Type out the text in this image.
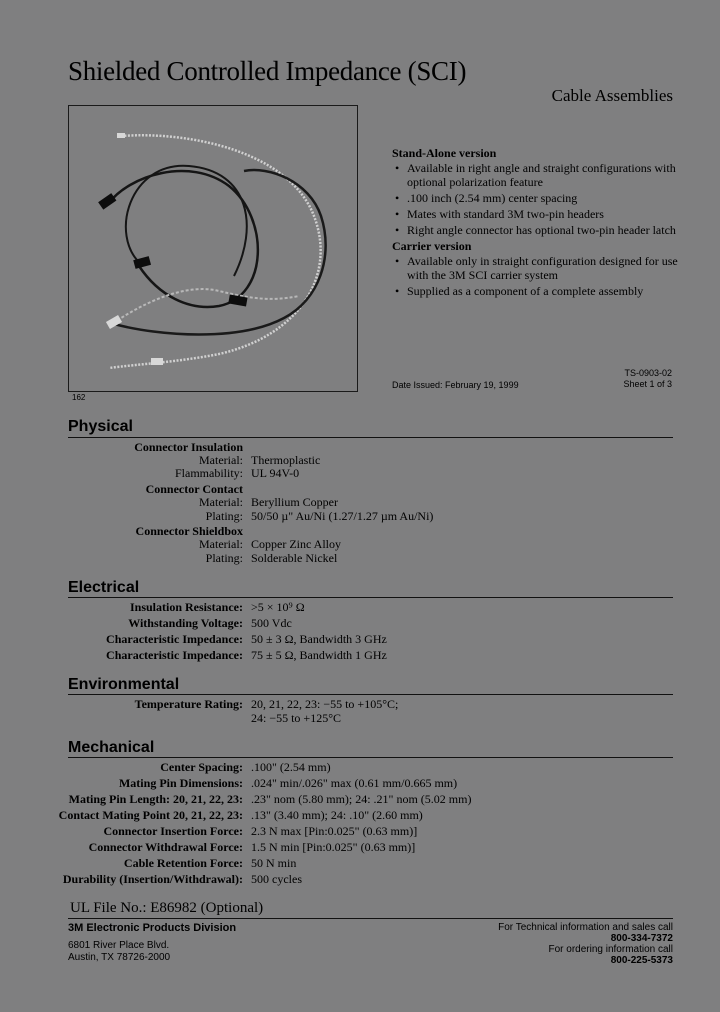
Shielded Controlled Impedance (SCI)
Cable Assemblies
162
Stand-Alone version
• Available in right angle and straight configurations with optional polarization feature
• .100 inch (2.54 mm) center spacing
• Mates with standard 3M two-pin headers
• Right angle connector has optional two-pin header latch
Carrier version
• Available only in straight configuration designed for use with the 3M SCI carrier system
• Supplied as a component of a complete assembly
TS-0903-02
Sheet 1 of 3
Date Issued: February 19, 1999
Physical
Connector Insulation
Material: Thermoplastic
Flammability: UL 94V-0
Connector Contact
Material: Beryllium Copper
Plating: 50/50 µ" Au/Ni (1.27/1.27 µm Au/Ni)
Connector Shieldbox
Material: Copper Zinc Alloy
Plating: Solderable Nickel
Electrical
Insulation Resistance: >5 × 10⁹ Ω
Withstanding Voltage: 500 Vdc
Characteristic Impedance: 50 ± 3 Ω, Bandwidth 3 GHz
Characteristic Impedance: 75 ± 5 Ω, Bandwidth 1 GHz
Environmental
Temperature Rating: 20, 21, 22, 23: −55 to +105°C;
24: −55 to +125°C
Mechanical
Center Spacing: .100" (2.54 mm)
Mating Pin Dimensions: .024" min/.026" max (0.61 mm/0.665 mm)
Mating Pin Length: 20, 21, 22, 23: .23" nom (5.80 mm); 24: .21" nom (5.02 mm)
Contact Mating Point 20, 21, 22, 23: .13" (3.40 mm); 24: .10" (2.60 mm)
Connector Insertion Force: 2.3 N max [Pin:0.025" (0.63 mm)]
Connector Withdrawal Force: 1.5 N min [Pin:0.025" (0.63 mm)]
Cable Retention Force: 50 N min
Durability (Insertion/Withdrawal): 500 cycles
UL File No.: E86982 (Optional)
3M Electronic Products Division
6801 River Place Blvd.
Austin, TX 78726-2000
For Technical information and sales call
800-334-7372
For ordering information call
800-225-5373
